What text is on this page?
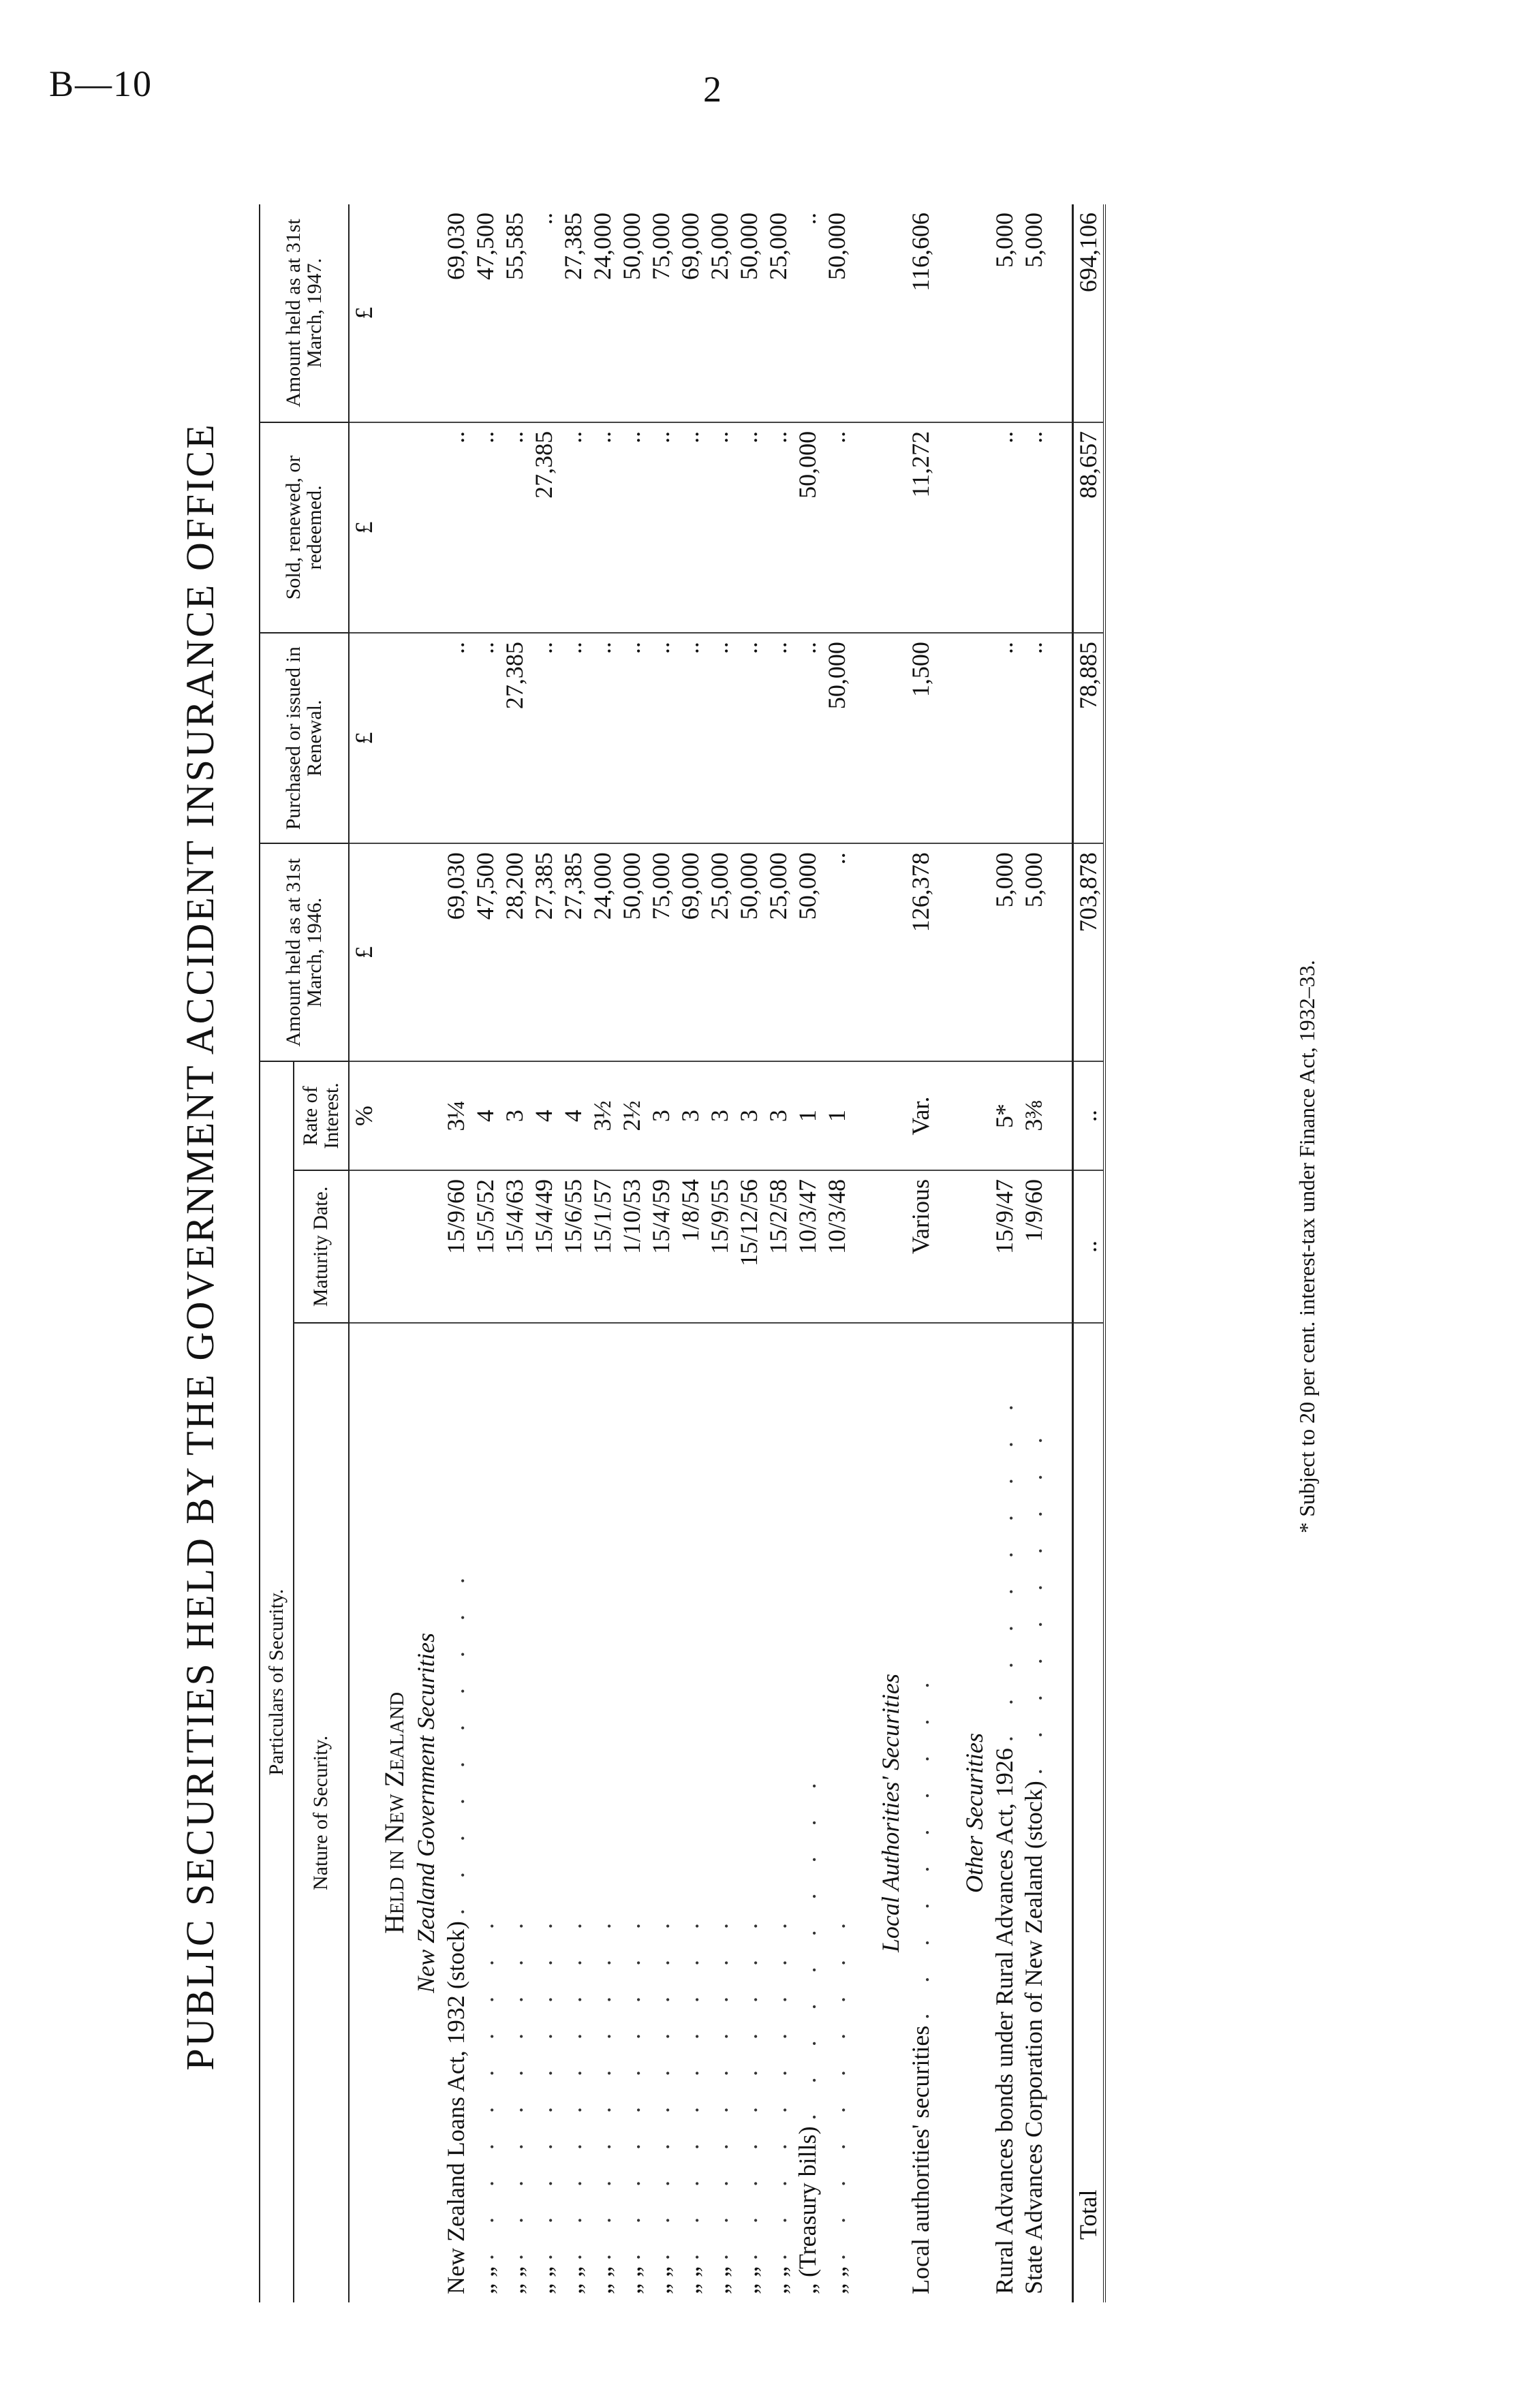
B—10	2
PUBLIC SECURITIES HELD BY THE GOVERNMENT ACCIDENT INSURANCE OFFICE Particulars of Security.			Amount held as at 31st March, 1946.	Purchased or issued in Renewal.	Sold, renewed, or redeemed.	Amount held as at 31st March, 1947.
Nature of Security.	Maturity Date.	Rate of Interest.				
		%	£	£	£	£
Held in New Zealand						
New Zealand Government Securities						
New Zealand Loans Act, 1932 (stock) . . . . . . . . . .	15/9/60	3¼	69,030	..	..	69,030
„ „ . . . . . . . . . .	15/5/52	4	47,500	..	..	47,500
„ „ . . . . . . . . . .	15/4/63	3	28,200	27,385	..	55,585
„ „ . . . . . . . . . .	15/4/49	4	27,385	..	27,385	..
„ „ . . . . . . . . . .	15/6/55	4	27,385	..	..	27,385
„ „ . . . . . . . . . .	15/1/57	3½	24,000	..	..	24,000
„ „ . . . . . . . . . .	1/10/53	2½	50,000	..	..	50,000
„ „ . . . . . . . . . .	15/4/59	3	75,000	..	..	75,000
„ „ . . . . . . . . . .	1/8/54	3	69,000	..	..	69,000
„ „ . . . . . . . . . .	15/9/55	3	25,000	..	..	25,000
„ „ . . . . . . . . . .	15/12/56	3	50,000	..	..	50,000
„ „ . . . . . . . . . .	15/2/58	3	25,000	..	..	25,000
„ (Treasury bills) . . . . . . . . . .	10/3/47	1	50,000	..	50,000	..
„ „ . . . . . . . . . .	10/3/48	1	..	50,000	..	50,000

Local Authorities' Securities						
Local authorities' securities . . . . . . . . . .	Various	Var.	126,378	1,500	11,272	116,606

Other Securities						
Rural Advances bonds under Rural Advances Act, 1926 . . . . . . . . . .	15/9/47	5*	5,000	..	..	5,000
State Advances Corporation of New Zealand (stock) . . . . . . . . . .	1/9/60	3⅜	5,000	..	..	5,000

Total	..	..	703,878	78,885	88,657	694,106
* Subject to 20 per cent. interest-tax under Finance Act, 1932–33.
